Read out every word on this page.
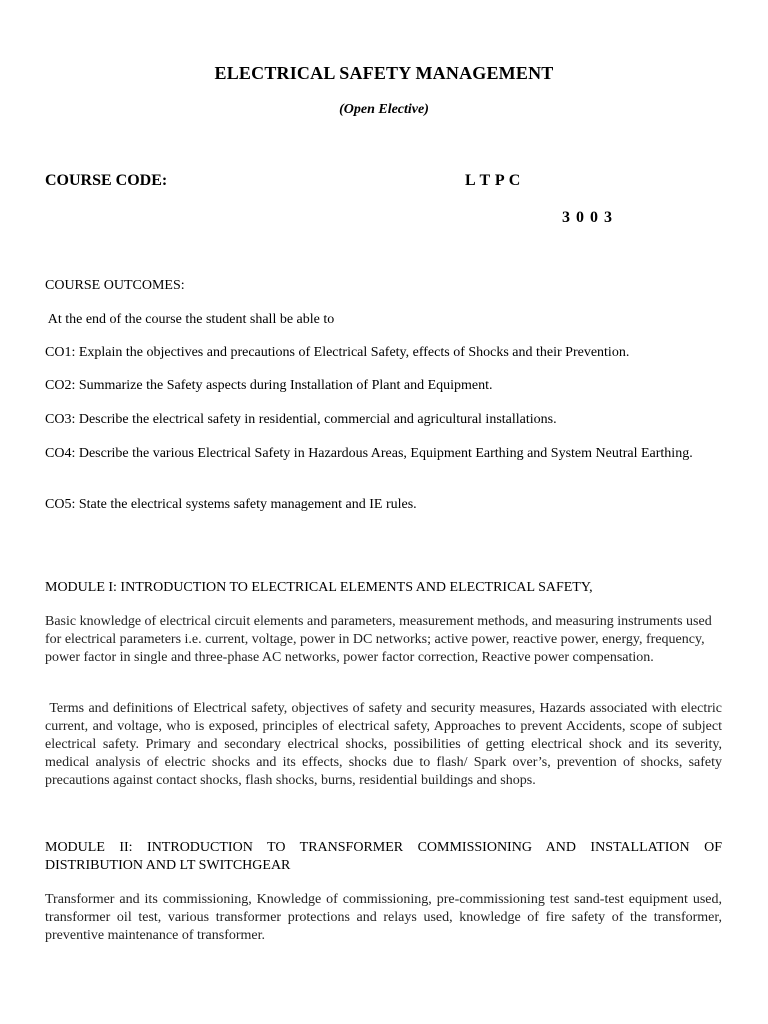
ELECTRICAL SAFETY MANAGEMENT

(Open Elective)

COURSE CODE:	L T P C

3 0 0 3

COURSE OUTCOMES:

At the end of the course the student shall be able to

CO1: Explain the objectives and precautions of Electrical Safety, effects of Shocks and their Prevention.

CO2: Summarize the Safety aspects during Installation of Plant and Equipment.

CO3: Describe the electrical safety in residential, commercial and agricultural installations.

CO4: Describe the various Electrical Safety in Hazardous Areas, Equipment Earthing and System Neutral Earthing.

CO5: State the electrical systems safety management and IE rules.

MODULE I: INTRODUCTION TO ELECTRICAL ELEMENTS AND ELECTRICAL SAFETY,

Basic knowledge of electrical circuit elements and parameters, measurement methods, and measuring instruments used for electrical parameters i.e. current, voltage, power in DC networks; active power, reactive power, energy, frequency, power factor in single and three-phase AC networks, power factor correction, Reactive power compensation.

Terms and definitions of Electrical safety, objectives of safety and security measures, Hazards associated with electric current, and voltage, who is exposed, principles of electrical safety, Approaches to prevent Accidents, scope of subject electrical safety. Primary and secondary electrical shocks, possibilities of getting electrical shock and its severity, medical analysis of electric shocks and its effects, shocks due to flash/ Spark over’s, prevention of shocks, safety precautions against contact shocks, flash shocks, burns, residential buildings and shops.

MODULE II: INTRODUCTION TO TRANSFORMER COMMISSIONING AND INSTALLATION OF DISTRIBUTION AND LT SWITCHGEAR

Transformer and its commissioning, Knowledge of commissioning, pre-commissioning test sand-test equipment used, transformer oil test, various transformer protections and relays used, knowledge of fire safety of the transformer, preventive maintenance of transformer.
